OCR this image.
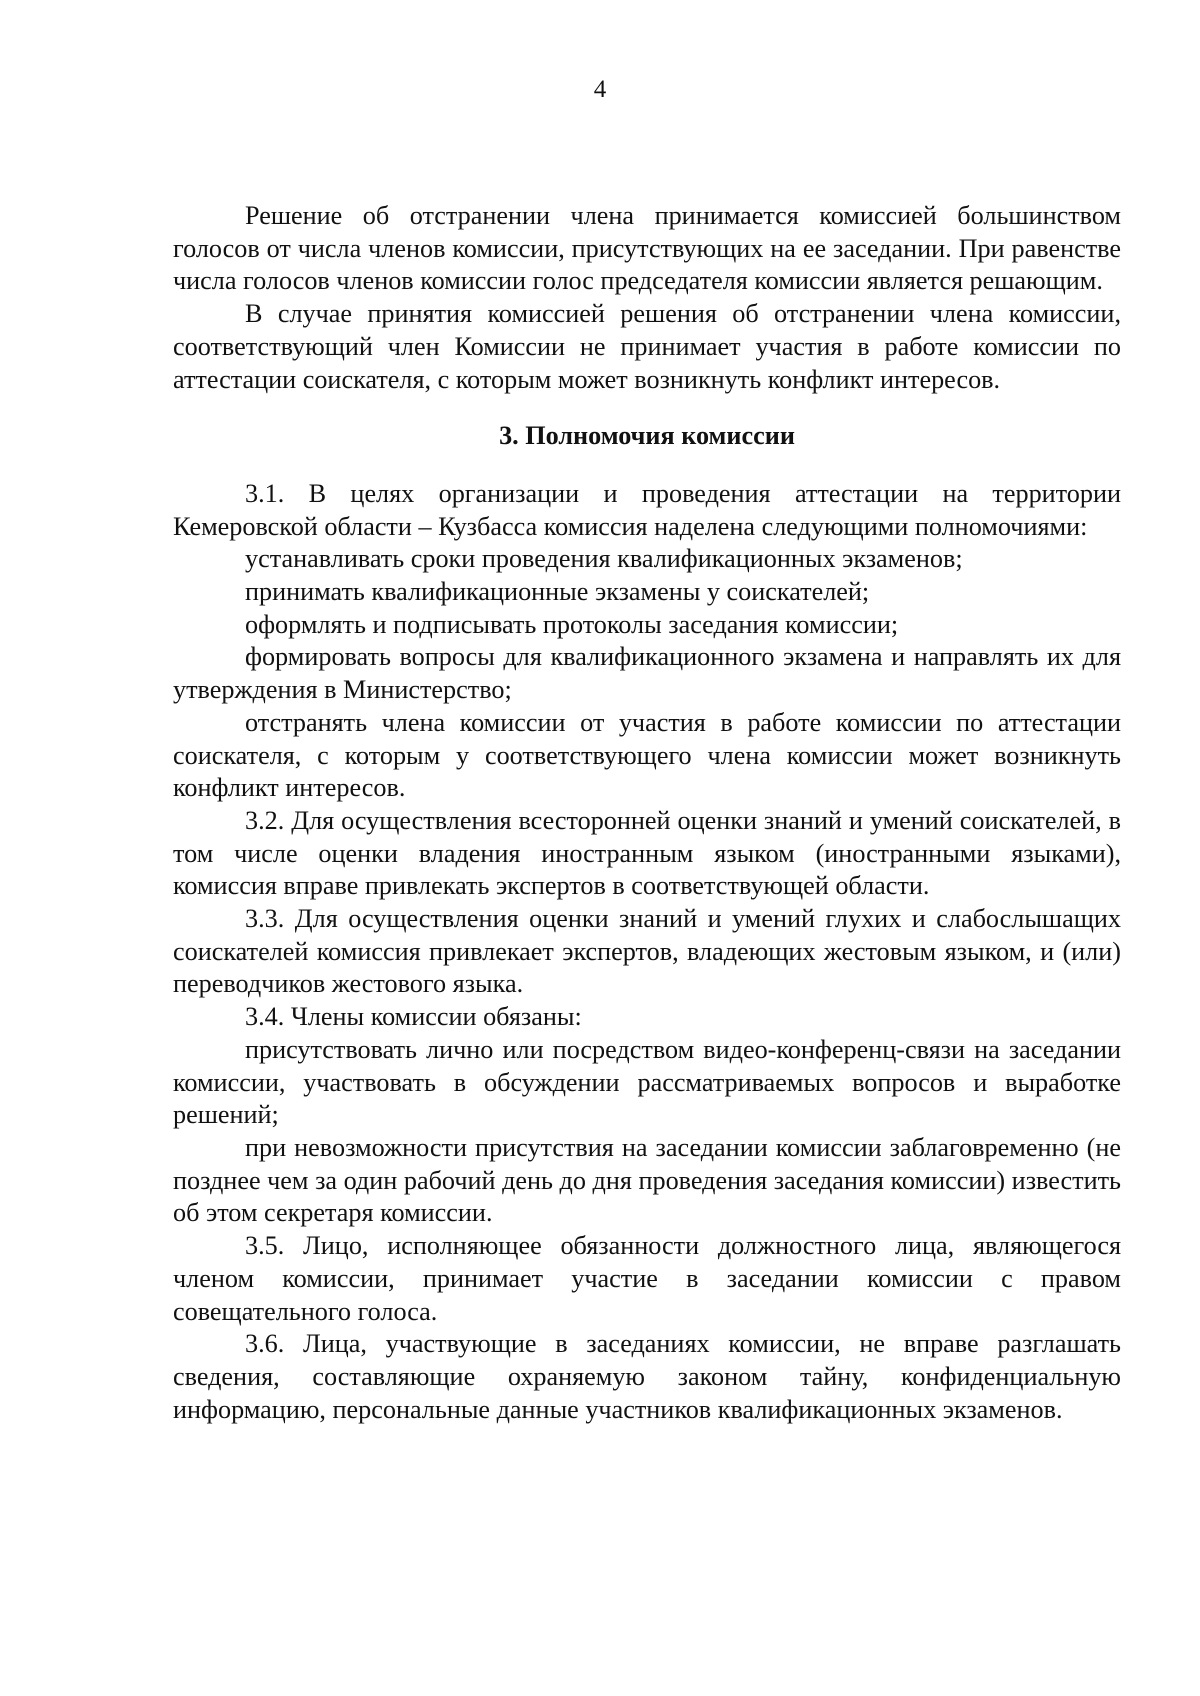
4

Решение об отстранении члена принимается комиссией большинством голосов от числа членов комиссии, присутствующих на ее заседании. При равенстве числа голосов членов комиссии голос председателя комиссии является решающим.

В случае принятия комиссией решения об отстранении члена комиссии, соответствующий член Комиссии не принимает участия в работе комиссии по аттестации соискателя, с которым может возникнуть конфликт интересов.

3. Полномочия комиссии

3.1. В целях организации и проведения аттестации на территории Кемеровской области – Кузбасса комиссия наделена следующими полномочиями:

устанавливать сроки проведения квалификационных экзаменов;

принимать квалификационные экзамены у соискателей;

оформлять и подписывать протоколы заседания комиссии;

формировать вопросы для квалификационного экзамена и направлять их для утверждения в Министерство;

отстранять члена комиссии от участия в работе комиссии по аттестации соискателя, с которым у соответствующего члена комиссии может возникнуть конфликт интересов.

3.2. Для осуществления всесторонней оценки знаний и умений соискателей, в том числе оценки владения иностранным языком (иностранными языками), комиссия вправе привлекать экспертов в соответствующей области.

3.3. Для осуществления оценки знаний и умений глухих и слабослышащих соискателей комиссия привлекает экспертов, владеющих жестовым языком, и (или) переводчиков жестового языка.

3.4. Члены комиссии обязаны:

присутствовать лично или посредством видео-конференц-связи на заседании комиссии, участвовать в обсуждении рассматриваемых вопросов и выработке решений;

при невозможности присутствия на заседании комиссии заблаговременно (не позднее чем за один рабочий день до дня проведения заседания комиссии) известить об этом секретаря комиссии.

3.5. Лицо, исполняющее обязанности должностного лица, являющегося членом комиссии, принимает участие в заседании комиссии с правом совещательного голоса.

3.6. Лица, участвующие в заседаниях комиссии, не вправе разглашать сведения, составляющие охраняемую законом тайну, конфиденциальную информацию, персональные данные участников квалификационных экзаменов.
